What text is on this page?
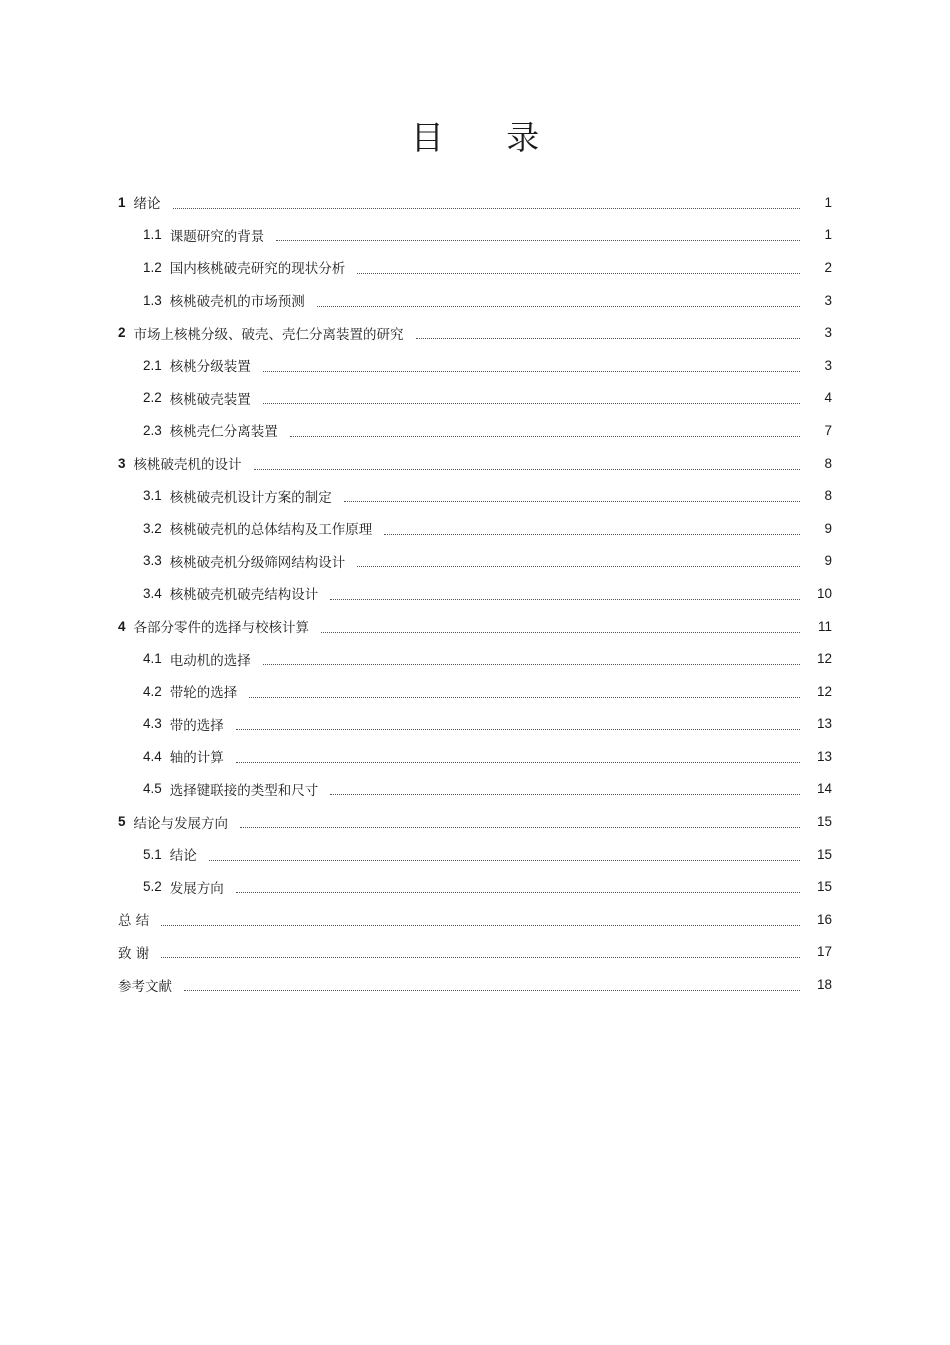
目 录
1 绪论	1
1.1 课题研究的背景	1
1.2 国内核桃破壳研究的现状分析	2
1.3 核桃破壳机的市场预测	3
2 市场上核桃分级、破壳、壳仁分离装置的研究	3
2.1 核桃分级装置	3
2.2 核桃破壳装置	4
2.3 核桃壳仁分离装置	7
3 核桃破壳机的设计	8
3.1 核桃破壳机设计方案的制定	8
3.2 核桃破壳机的总体结构及工作原理	9
3.3 核桃破壳机分级筛网结构设计	9
3.4 核桃破壳机破壳结构设计	10
4 各部分零件的选择与校核计算	11
4.1 电动机的选择	12
4.2 带轮的选择	12
4.3 带的选择	13
4.4 轴的计算	13
4.5 选择键联接的类型和尺寸	14
5 结论与发展方向	15
5.1 结论	15
5.2 发展方向	15
总 结	16
致 谢	17
参考文献	18
